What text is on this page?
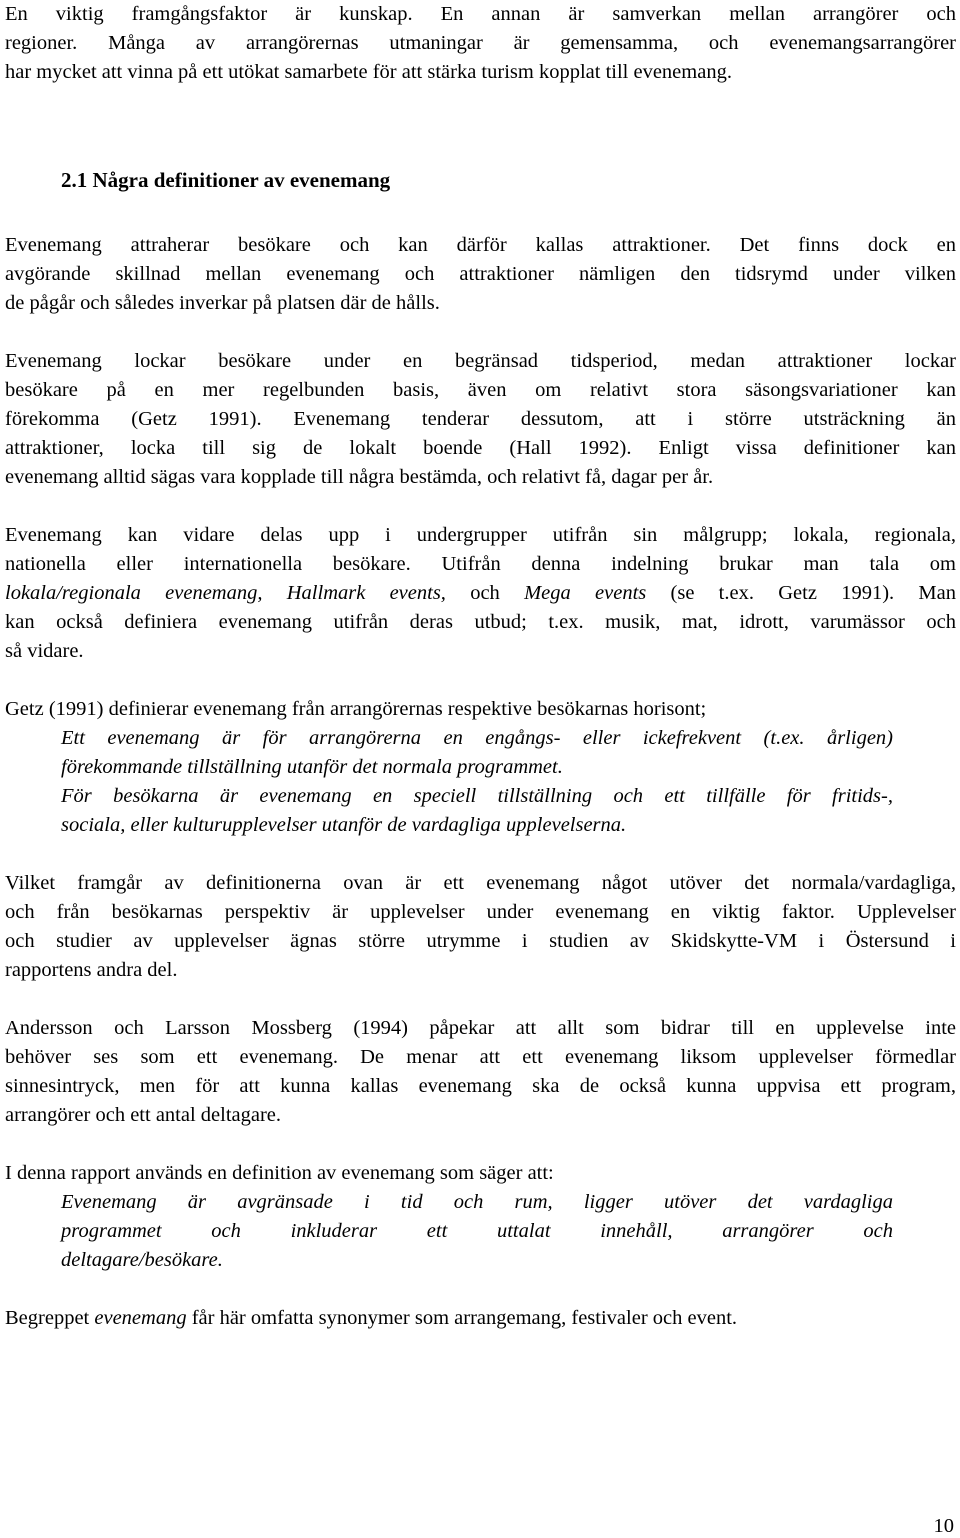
En viktig framgångsfaktor är kunskap. En annan är samverkan mellan arrangörer och
regioner. Många av arrangörernas utmaningar är gemensamma, och evenemangsarrangörer
har mycket att vinna på ett utökat samarbete för att stärka turism kopplat till evenemang.

2.1 Några definitioner av evenemang

Evenemang attraherar besökare och kan därför kallas attraktioner. Det finns dock en
avgörande skillnad mellan evenemang och attraktioner nämligen den tidsrymd under vilken
de pågår och således inverkar på platsen där de hålls.

Evenemang lockar besökare under en begränsad tidsperiod, medan attraktioner lockar
besökare på en mer regelbunden basis, även om relativt stora säsongsvariationer kan
förekomma (Getz 1991). Evenemang tenderar dessutom, att i större utsträckning än
attraktioner, locka till sig de lokalt boende (Hall 1992). Enligt vissa definitioner kan
evenemang alltid sägas vara kopplade till några bestämda, och relativt få, dagar per år.

Evenemang kan vidare delas upp i undergrupper utifrån sin målgrupp; lokala, regionala,
nationella eller internationella besökare. Utifrån denna indelning brukar man tala om
lokala/regionala evenemang, Hallmark events, och Mega events (se t.ex. Getz 1991). Man
kan också definiera evenemang utifrån deras utbud; t.ex. musik, mat, idrott, varumässor och
så vidare.

Getz (1991) definierar evenemang från arrangörernas respektive besökarnas horisont;

Ett evenemang är för arrangörerna en engångs- eller ickefrekvent (t.ex. årligen)
förekommande tillställning utanför det normala programmet.
För besökarna är evenemang en speciell tillställning och ett tillfälle för fritids-,
sociala, eller kulturupplevelser utanför de vardagliga upplevelserna.

Vilket framgår av definitionerna ovan är ett evenemang något utöver det normala/vardagliga,
och från besökarnas perspektiv är upplevelser under evenemang en viktig faktor. Upplevelser
och studier av upplevelser ägnas större utrymme i studien av Skidskytte-VM i Östersund i
rapportens andra del.

Andersson och Larsson Mossberg (1994) påpekar att allt som bidrar till en upplevelse inte
behöver ses som ett evenemang. De menar att ett evenemang liksom upplevelser förmedlar
sinnesintryck, men för att kunna kallas evenemang ska de också kunna uppvisa ett program,
arrangörer och ett antal deltagare.

I denna rapport används en definition av evenemang som säger att:

Evenemang är avgränsade i tid och rum, ligger utöver det vardagliga
programmet och inkluderar ett uttalat innehåll, arrangörer och
deltagare/besökare.

Begreppet evenemang får här omfatta synonymer som arrangemang, festivaler och event.

10
